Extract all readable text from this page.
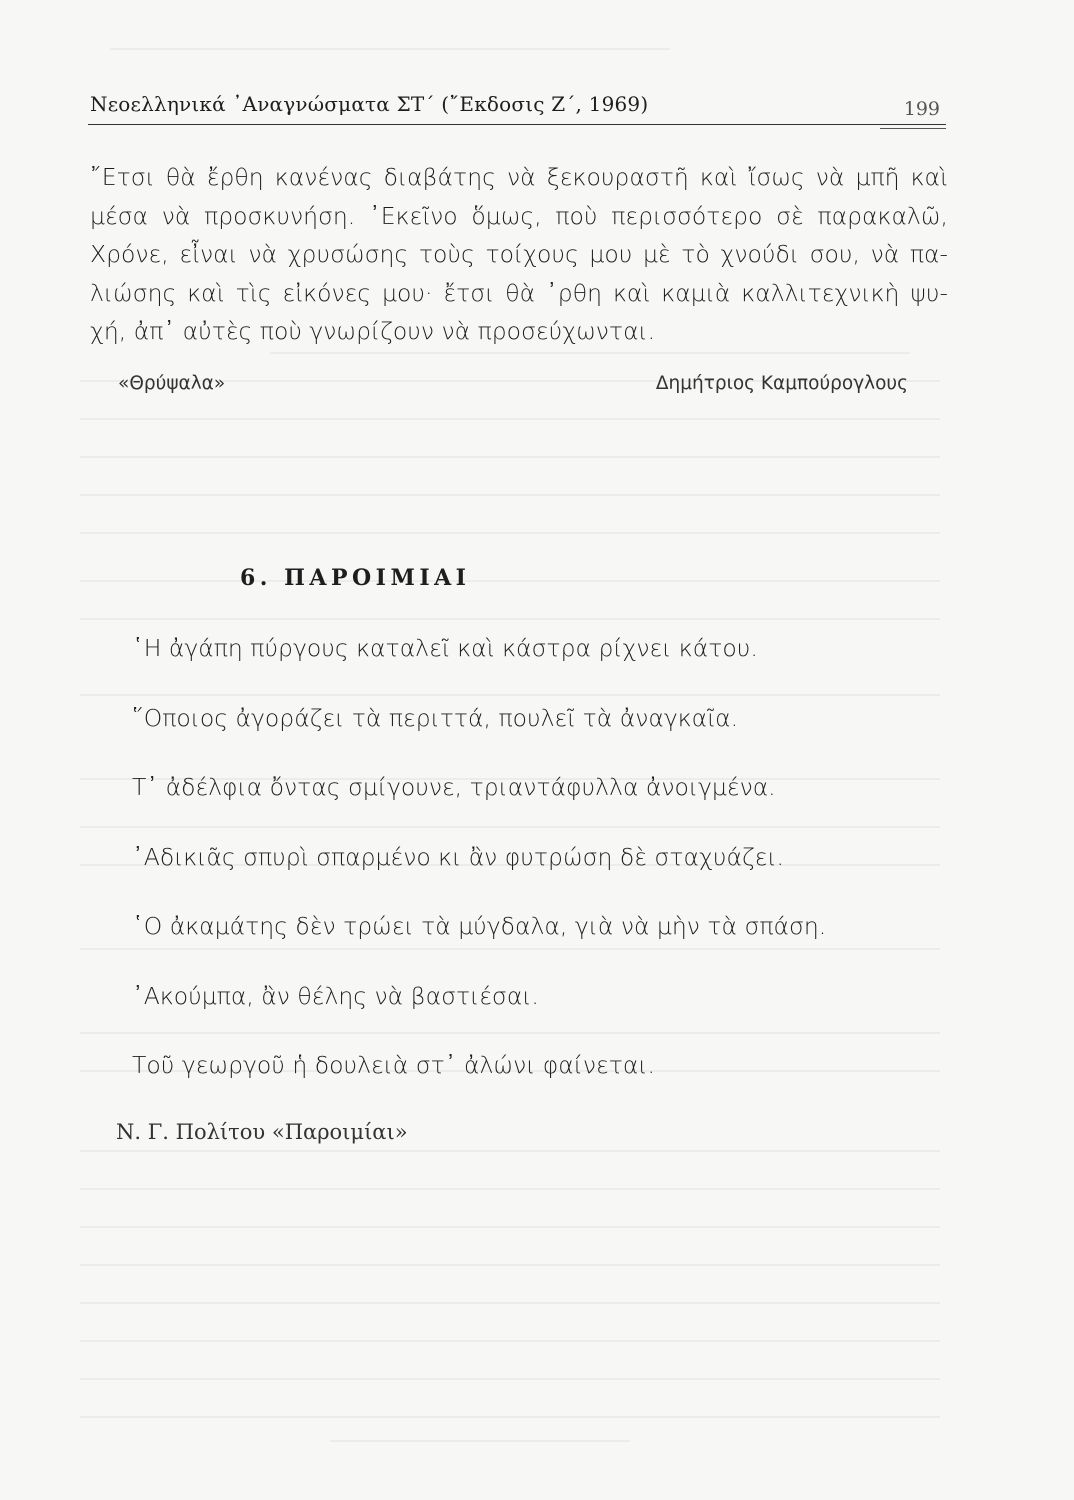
Νεοελληνικά ᾿Αναγνώσματα ΣΤ΄ (῎Εκδοσις Ζ΄, 1969)	199
῎Ετσι θὰ ἔρθη κανένας διαβάτης νὰ ξεκουραστῆ καὶ ἴσως νὰ μπῆ καὶ
μέσα νὰ προσκυνήση. ᾿Εκεῖνο ὅμως, ποὺ περισσότερο σὲ παρακαλῶ,
Χρόνε, εἶναι νὰ χρυσώσης τοὺς τοίχους μου μὲ τὸ χνούδι σου, νὰ πα-
λιώσης καὶ τὶς εἰκόνες μου· ἔτσι θὰ ᾿ρθη καὶ καμιὰ καλλιτεχνικὴ ψυ-
χή, ἀπ᾿ αὐτὲς ποὺ γνωρίζουν νὰ προσεύχωνται.
«Θρύψαλα»	Δημήτριος Καμπούρογλους
6. ΠΑΡΟΙΜΙΑΙ
῾Η ἀγάπη πύργους καταλεῖ καὶ κάστρα ρίχνει κάτου.
῞Οποιος ἀγοράζει τὰ περιττά, πουλεῖ τὰ ἀναγκαῖα.
Τ᾿ ἀδέλφια ὄντας σμίγουνε, τριαντάφυλλα ἀνοιγμένα.
᾿Αδικιᾶς σπυρὶ σπαρμένο κι ἂν φυτρώση δὲ σταχυάζει.
῾Ο ἀκαμάτης δὲν τρώει τὰ μύγδαλα, γιὰ νὰ μὴν τὰ σπάση.
᾿Ακούμπα, ἂν θέλης νὰ βαστιέσαι.
Τοῦ γεωργοῦ ἡ δουλειὰ στ᾿ ἀλώνι φαίνεται.
Ν. Γ. Πολίτου «Παροιμίαι»
